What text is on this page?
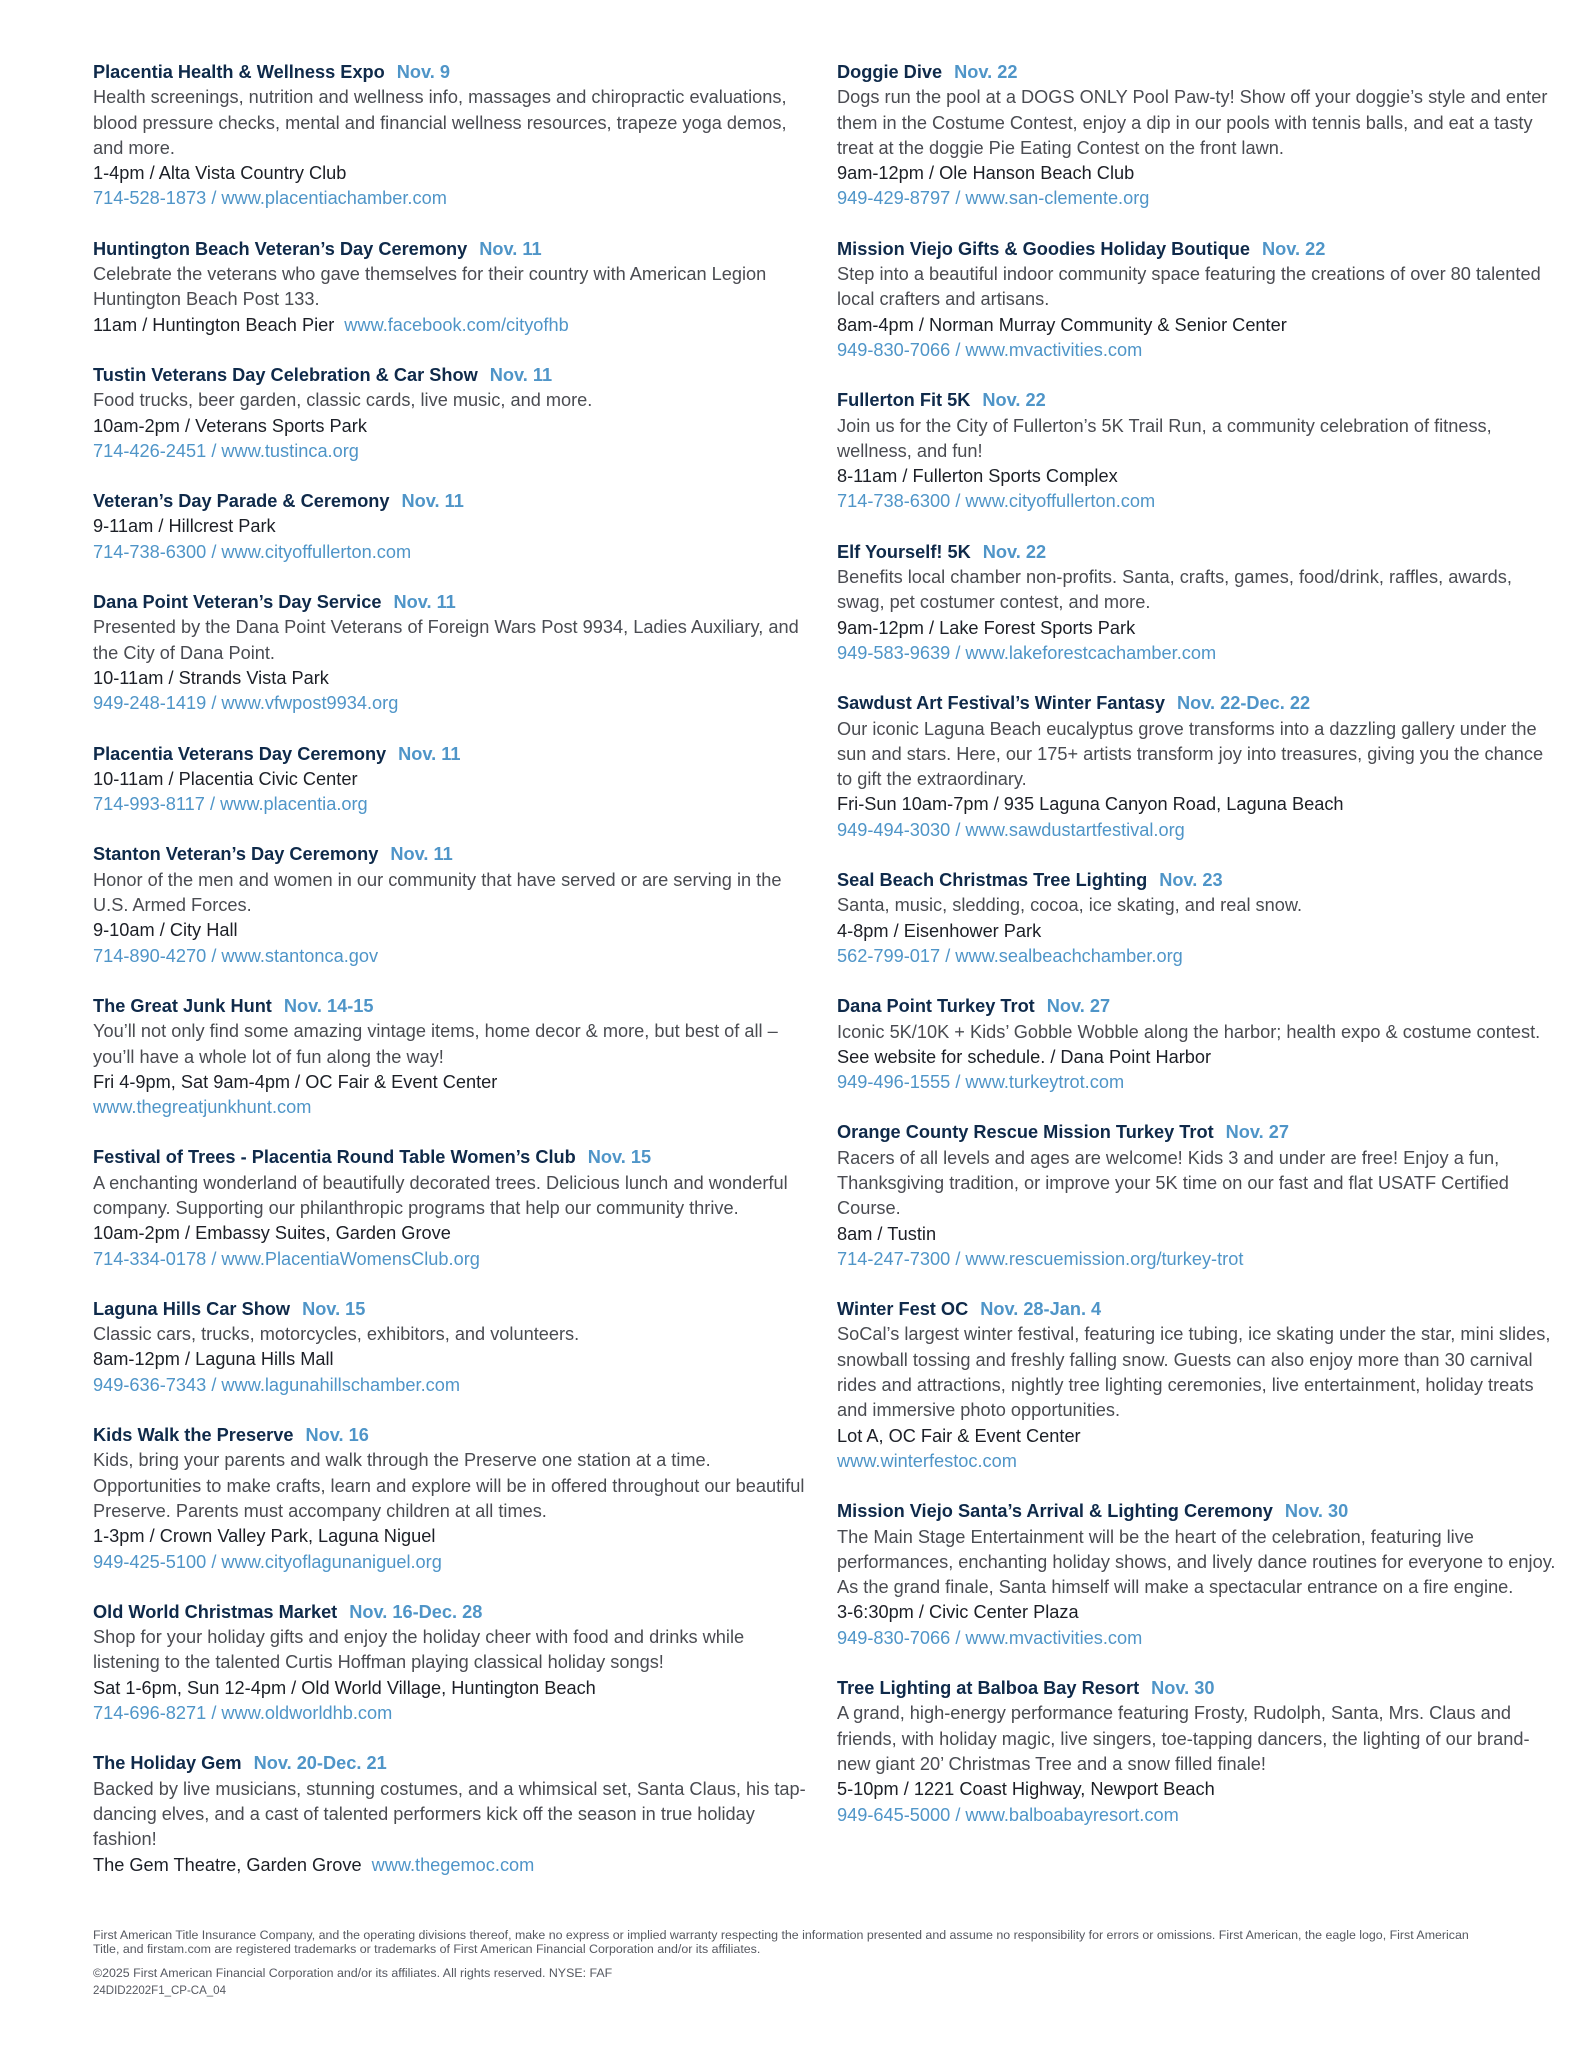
Placentia Health & Wellness Expo Nov. 9
Health screenings, nutrition and wellness info, massages and chiropractic evaluations, blood pressure checks, mental and financial wellness resources, trapeze yoga demos, and more.
1-4pm / Alta Vista Country Club
714-528-1873 / www.placentiachamber.com
Huntington Beach Veteran’s Day Ceremony Nov. 11
Celebrate the veterans who gave themselves for their country with American Legion Huntington Beach Post 133.
11am / Huntington Beach Pier www.facebook.com/cityofhb
Tustin Veterans Day Celebration & Car Show Nov. 11
Food trucks, beer garden, classic cards, live music, and more.
10am-2pm / Veterans Sports Park
714-426-2451 / www.tustinca.org
Veteran’s Day Parade & Ceremony Nov. 11
9-11am / Hillcrest Park
714-738-6300 / www.cityoffullerton.com
Dana Point Veteran’s Day Service Nov. 11
Presented by the Dana Point Veterans of Foreign Wars Post 9934, Ladies Auxiliary, and the City of Dana Point.
10-11am / Strands Vista Park
949-248-1419 / www.vfwpost9934.org
Placentia Veterans Day Ceremony Nov. 11
10-11am / Placentia Civic Center
714-993-8117 / www.placentia.org
Stanton Veteran’s Day Ceremony Nov. 11
Honor of the men and women in our community that have served or are serving in the U.S. Armed Forces.
9-10am / City Hall
714-890-4270 / www.stantonca.gov
The Great Junk Hunt Nov. 14-15
You’ll not only find some amazing vintage items, home decor & more, but best of all – you’ll have a whole lot of fun along the way!
Fri 4-9pm, Sat 9am-4pm / OC Fair & Event Center
www.thegreatjunkhunt.com
Festival of Trees - Placentia Round Table Women’s Club Nov. 15
A enchanting wonderland of beautifully decorated trees. Delicious lunch and wonderful company. Supporting our philanthropic programs that help our community thrive.
10am-2pm / Embassy Suites, Garden Grove
714-334-0178 / www.PlacentiaWomensClub.org
Laguna Hills Car Show Nov. 15
Classic cars, trucks, motorcycles, exhibitors, and volunteers.
8am-12pm / Laguna Hills Mall
949-636-7343 / www.lagunahillschamber.com
Kids Walk the Preserve Nov. 16
Kids, bring your parents and walk through the Preserve one station at a time. Opportunities to make crafts, learn and explore will be in offered throughout our beautiful Preserve. Parents must accompany children at all times.
1-3pm / Crown Valley Park, Laguna Niguel
949-425-5100 / www.cityoflagunaniguel.org
Old World Christmas Market Nov. 16-Dec. 28
Shop for your holiday gifts and enjoy the holiday cheer with food and drinks while listening to the talented Curtis Hoffman playing classical holiday songs!
Sat 1-6pm, Sun 12-4pm / Old World Village, Huntington Beach
714-696-8271 / www.oldworldhb.com
The Holiday Gem Nov. 20-Dec. 21
Backed by live musicians, stunning costumes, and a whimsical set, Santa Claus, his tap-dancing elves, and a cast of talented performers kick off the season in true holiday fashion!
The Gem Theatre, Garden Grove www.thegemoc.com
Doggie Dive Nov. 22
Dogs run the pool at a DOGS ONLY Pool Paw-ty! Show off your doggie’s style and enter them in the Costume Contest, enjoy a dip in our pools with tennis balls, and eat a tasty treat at the doggie Pie Eating Contest on the front lawn.
9am-12pm / Ole Hanson Beach Club
949-429-8797 / www.san-clemente.org
Mission Viejo Gifts & Goodies Holiday Boutique Nov. 22
Step into a beautiful indoor community space featuring the creations of over 80 talented local crafters and artisans.
8am-4pm / Norman Murray Community & Senior Center
949-830-7066 / www.mvactivities.com
Fullerton Fit 5K Nov. 22
Join us for the City of Fullerton’s 5K Trail Run, a community celebration of fitness, wellness, and fun!
8-11am / Fullerton Sports Complex
714-738-6300 / www.cityoffullerton.com
Elf Yourself! 5K Nov. 22
Benefits local chamber non-profits. Santa, crafts, games, food/drink, raffles, awards, swag, pet costumer contest, and more.
9am-12pm / Lake Forest Sports Park
949-583-9639 / www.lakeforestcachamber.com
Sawdust Art Festival’s Winter Fantasy Nov. 22-Dec. 22
Our iconic Laguna Beach eucalyptus grove transforms into a dazzling gallery under the sun and stars. Here, our 175+ artists transform joy into treasures, giving you the chance to gift the extraordinary.
Fri-Sun 10am-7pm / 935 Laguna Canyon Road, Laguna Beach
949-494-3030 / www.sawdustartfestival.org
Seal Beach Christmas Tree Lighting Nov. 23
Santa, music, sledding, cocoa, ice skating, and real snow.
4-8pm / Eisenhower Park
562-799-017 / www.sealbeachchamber.org
Dana Point Turkey Trot Nov. 27
Iconic 5K/10K + Kids’ Gobble Wobble along the harbor; health expo & costume contest.
See website for schedule. / Dana Point Harbor
949-496-1555 / www.turkeytrot.com
Orange County Rescue Mission Turkey Trot Nov. 27
Racers of all levels and ages are welcome! Kids 3 and under are free! Enjoy a fun, Thanksgiving tradition, or improve your 5K time on our fast and flat USATF Certified Course.
8am / Tustin
714-247-7300 / www.rescuemission.org/turkey-trot
Winter Fest OC Nov. 28-Jan. 4
SoCal’s largest winter festival, featuring ice tubing, ice skating under the star, mini slides, snowball tossing and freshly falling snow. Guests can also enjoy more than 30 carnival rides and attractions, nightly tree lighting ceremonies, live entertainment, holiday treats and immersive photo opportunities.
Lot A, OC Fair & Event Center
www.winterfestoc.com
Mission Viejo Santa’s Arrival & Lighting Ceremony Nov. 30
The Main Stage Entertainment will be the heart of the celebration, featuring live performances, enchanting holiday shows, and lively dance routines for everyone to enjoy. As the grand finale, Santa himself will make a spectacular entrance on a fire engine.
3-6:30pm / Civic Center Plaza
949-830-7066 / www.mvactivities.com
Tree Lighting at Balboa Bay Resort Nov. 30
A grand, high-energy performance featuring Frosty, Rudolph, Santa, Mrs. Claus and friends, with holiday magic, live singers, toe-tapping dancers, the lighting of our brand-new giant 20’ Christmas Tree and a snow filled finale!
5-10pm / 1221 Coast Highway, Newport Beach
949-645-5000 / www.balboabayresort.com

First American Title Insurance Company, and the operating divisions thereof, make no express or implied warranty respecting the information presented and assume no responsibility for errors or omissions. First American, the eagle logo, First American Title, and firstam.com are registered trademarks or trademarks of First American Financial Corporation and/or its affiliates.

©2025 First American Financial Corporation and/or its affiliates. All rights reserved. NYSE: FAF

24DID2202F1_CP-CA_04
